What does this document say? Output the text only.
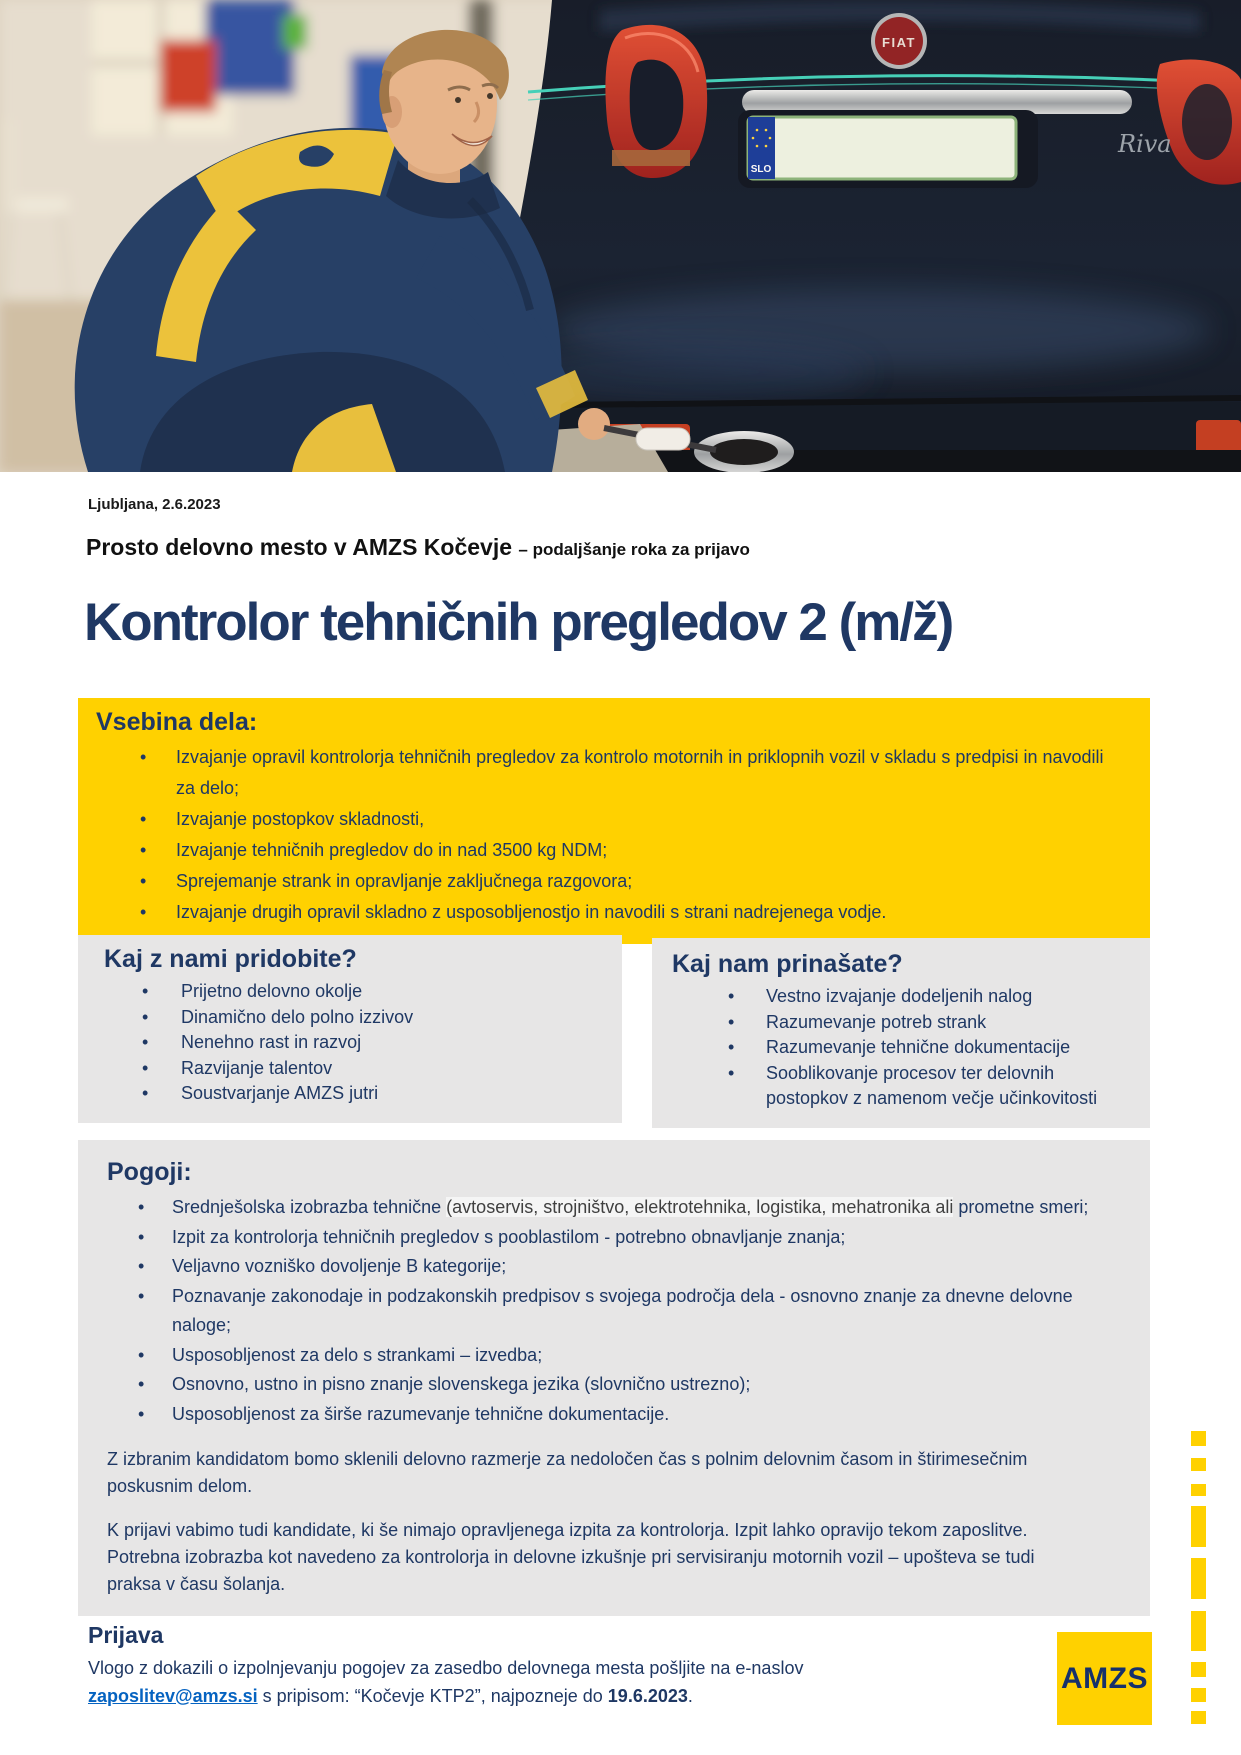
FIAT
SLO
Riva
Ljubljana, 2.6.2023
Prosto delovno mesto v AMZS Kočevje – podaljšanje roka za prijavo
Kontrolor tehničnih pregledov 2 (m/ž)
Vsebina dela:
•
Izvajanje opravil kontrolorja tehničnih pregledov za kontrolo motornih in priklopnih vozil v skladu s predpisi in navodili za delo;
•
Izvajanje postopkov skladnosti,
•
Izvajanje tehničnih pregledov do in nad 3500 kg NDM;
•
Sprejemanje strank in opravljanje zaključnega razgovora;
•
Izvajanje drugih opravil skladno z usposobljenostjo in navodili s strani nadrejenega vodje.
Kaj z nami pridobite?
•
Prijetno delovno okolje
•
Dinamično delo polno izzivov
•
Nenehno rast in razvoj
•
Razvijanje talentov
•
Soustvarjanje AMZS jutri
Kaj nam prinašate?
•
Vestno izvajanje dodeljenih nalog
•
Razumevanje potreb strank
•
Razumevanje tehnične dokumentacije
•
Sooblikovanje procesov ter delovnih postopkov z namenom večje učinkovitosti
Pogoji:
•
Srednješolska izobrazba tehnične (avtoservis, strojništvo, elektrotehnika, logistika, mehatronika ali prometne smeri;
•
Izpit za kontrolorja tehničnih pregledov s pooblastilom - potrebno obnavljanje znanja;
•
Veljavno vozniško dovoljenje B kategorije;
•
Poznavanje zakonodaje in podzakonskih predpisov s svojega področja dela - osnovno znanje za dnevne delovne naloge;
•
Usposobljenost za delo s strankami – izvedba;
•
Osnovno, ustno in pisno znanje slovenskega jezika (slovnično ustrezno);
•
Usposobljenost za širše razumevanje tehnične dokumentacije.
Z izbranim kandidatom bomo sklenili delovno razmerje za nedoločen čas s polnim delovnim časom in štirimesečnim poskusnim delom.
K prijavi vabimo tudi kandidate, ki še nimajo opravljenega izpita za kontrolorja. Izpit lahko opravijo tekom zaposlitve. Potrebna izobrazba kot navedeno za kontrolorja in delovne izkušnje pri servisiranju motornih vozil – upošteva se tudi praksa v času šolanja.
Prijava
Vlogo z dokazili o izpolnjevanju pogojev za zasedbo delovnega mesta pošljite na e-naslov
zaposlitev@amzs.si s pripisom: “Kočevje KTP2”, najpozneje do 19.6.2023.
AMZS
